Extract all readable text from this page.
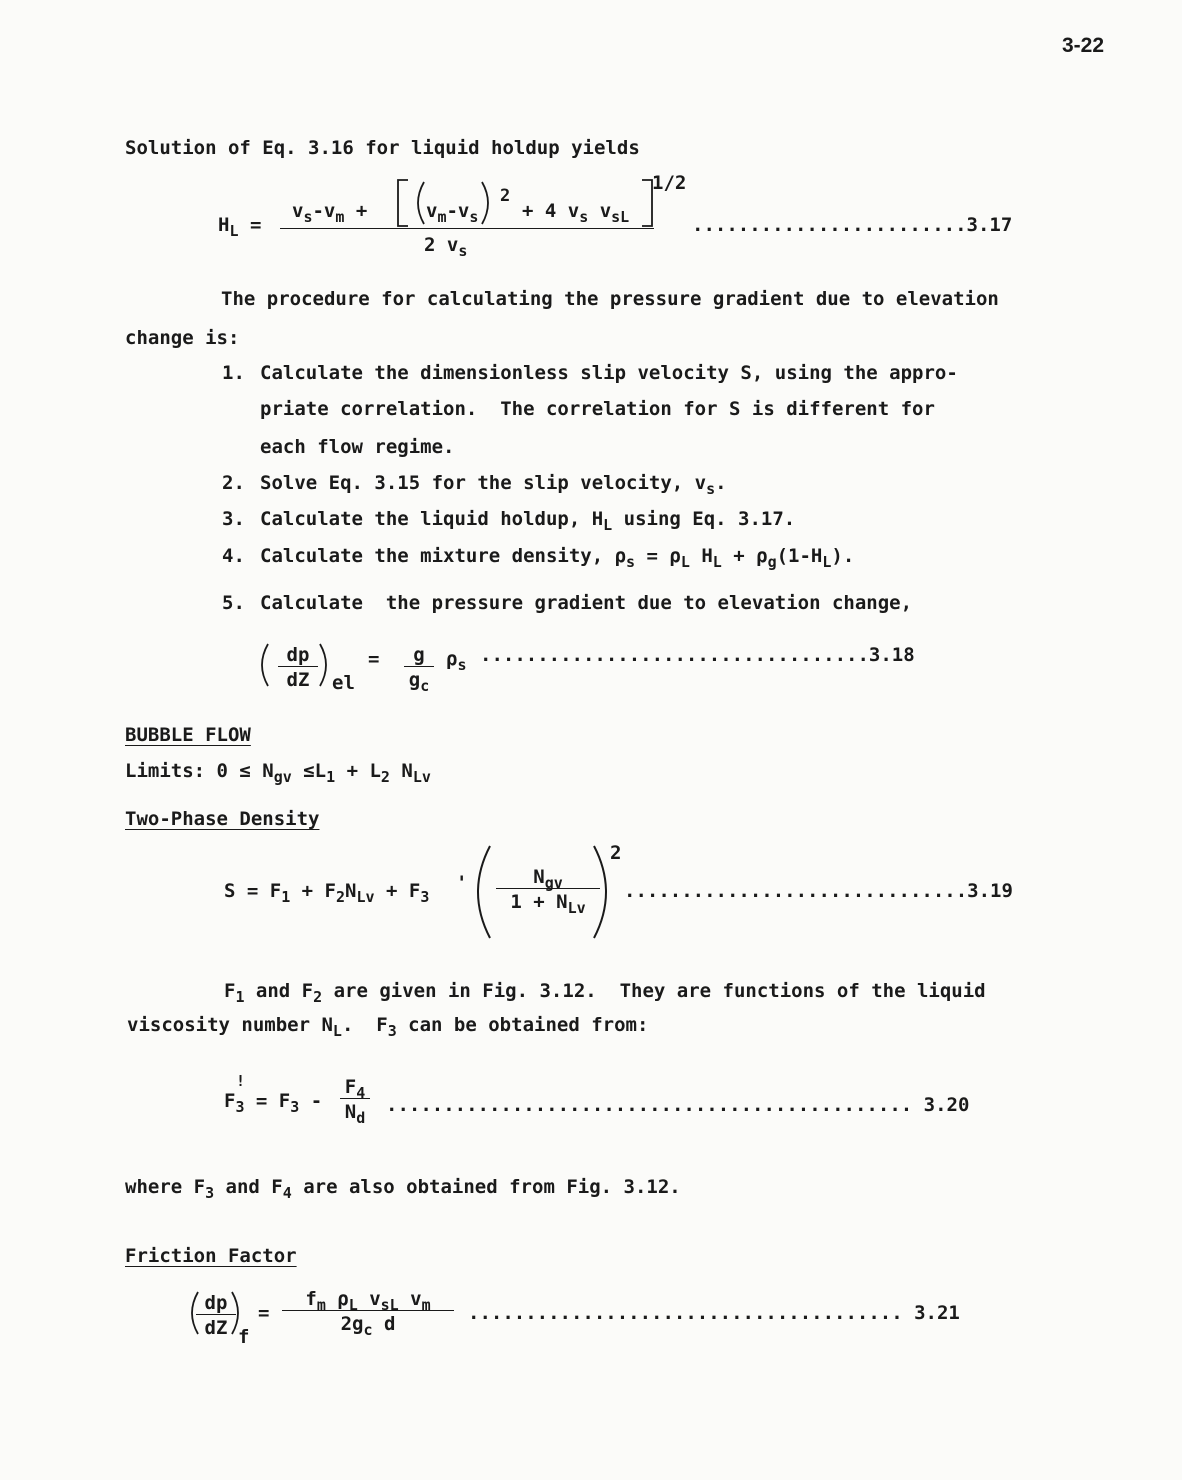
3-22
Solution of Eq. 3.16 for liquid holdup yields
$H_L$ =
$v_s-v_m$ +	$v_m-v_s$
2
+ 4 $v_s$ $v_{sL}$
1/2
2 $v_s$
........................3.17
The procedure for calculating the pressure gradient due to elevation
change is:
1. Calculate the dimensionless slip velocity S, using the appro-
priate correlation.  The correlation for S is different for
each flow regime.
2. Solve Eq. 3.15 for the slip velocity, $v_s$.
3. Calculate the liquid holdup, $H_L$ using Eq. 3.17.
4. Calculate the mixture density, $\rho_s = \rho_L$ $H_L + \rho_g(1-H_L)$.
5. Calculate  the pressure gradient due to elevation change,
dp
dZ	el
=	g
$g_c$
$\rho_s$ ..................................3.18
BUBBLE FLOW
Limits: $0 \le N_{gv} \le L_1 + L_2$ $N_{Lv}$
Two-Phase Density
$S = F_1 + F_2N_{Lv} + F_3$
'	$N_{gv}$
$1 + N_{Lv}$
2
..............................3.19
$F_1$ and $F_2$ are given in Fig. 3.12.  They are functions of the liquid
viscosity number $N_L$.  $F_3$ can be obtained from:
$F_3 = F_3$ -
!	$F_4$
$N_d$
.............................................. 3.20
where $F_3$ and $F_4$ are also obtained from Fig. 3.12.
Friction Factor
dp
dZ f
=
$f_m$ $\rho_L$ $v_{sL}$ $v_m$
$2g_c$ d	...................................... 3.21
